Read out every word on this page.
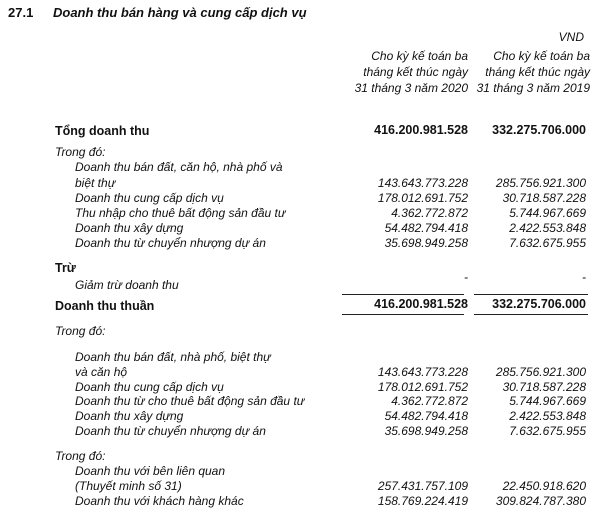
27.1 Doanh thu bán hàng và cung cấp dịch vụ
VND
Cho kỳ kế toán ba
tháng kết thúc ngày
31 tháng 3 năm 2020
Cho kỳ kế toán ba
tháng kết thúc ngày
31 tháng 3 năm 2019
Tổng doanh thu	416.200.981.528 332.275.706.000
Trong đó:
Doanh thu bán đất, căn hộ, nhà phố và
biệt thự	143.643.773.228 285.756.921.300
Doanh thu cung cấp dịch vụ	178.012.691.752	30.718.587.228
Thu nhập cho thuê bất động sản đầu tư	4.362.772.872	5.744.967.669
Doanh thu xây dựng	54.482.794.418	2.422.553.848
Doanh thu từ chuyển nhượng dự án	35.698.949.258	7.632.675.955
Trừ
Giảm trừ doanh thu
-	-
Doanh thu thuần	416.200.981.528 332.275.706.000
Trong đó:
Doanh thu bán đất, nhà phố, biệt thự
và căn hộ	143.643.773.228 285.756.921.300
Doanh thu cung cấp dịch vụ	178.012.691.752	30.718.587.228
Doanh thu từ cho thuê bất động sản đầu tư	4.362.772.872	5.744.967.669
Doanh thu xây dựng	54.482.794.418	2.422.553.848
Doanh thu từ chuyển nhượng dự án	35.698.949.258	7.632.675.955
Trong đó:
Doanh thu với bên liên quan
(Thuyết minh số 31)	257.431.757.109	22.450.918.620
Doanh thu với khách hàng khác	158.769.224.419 309.824.787.380
